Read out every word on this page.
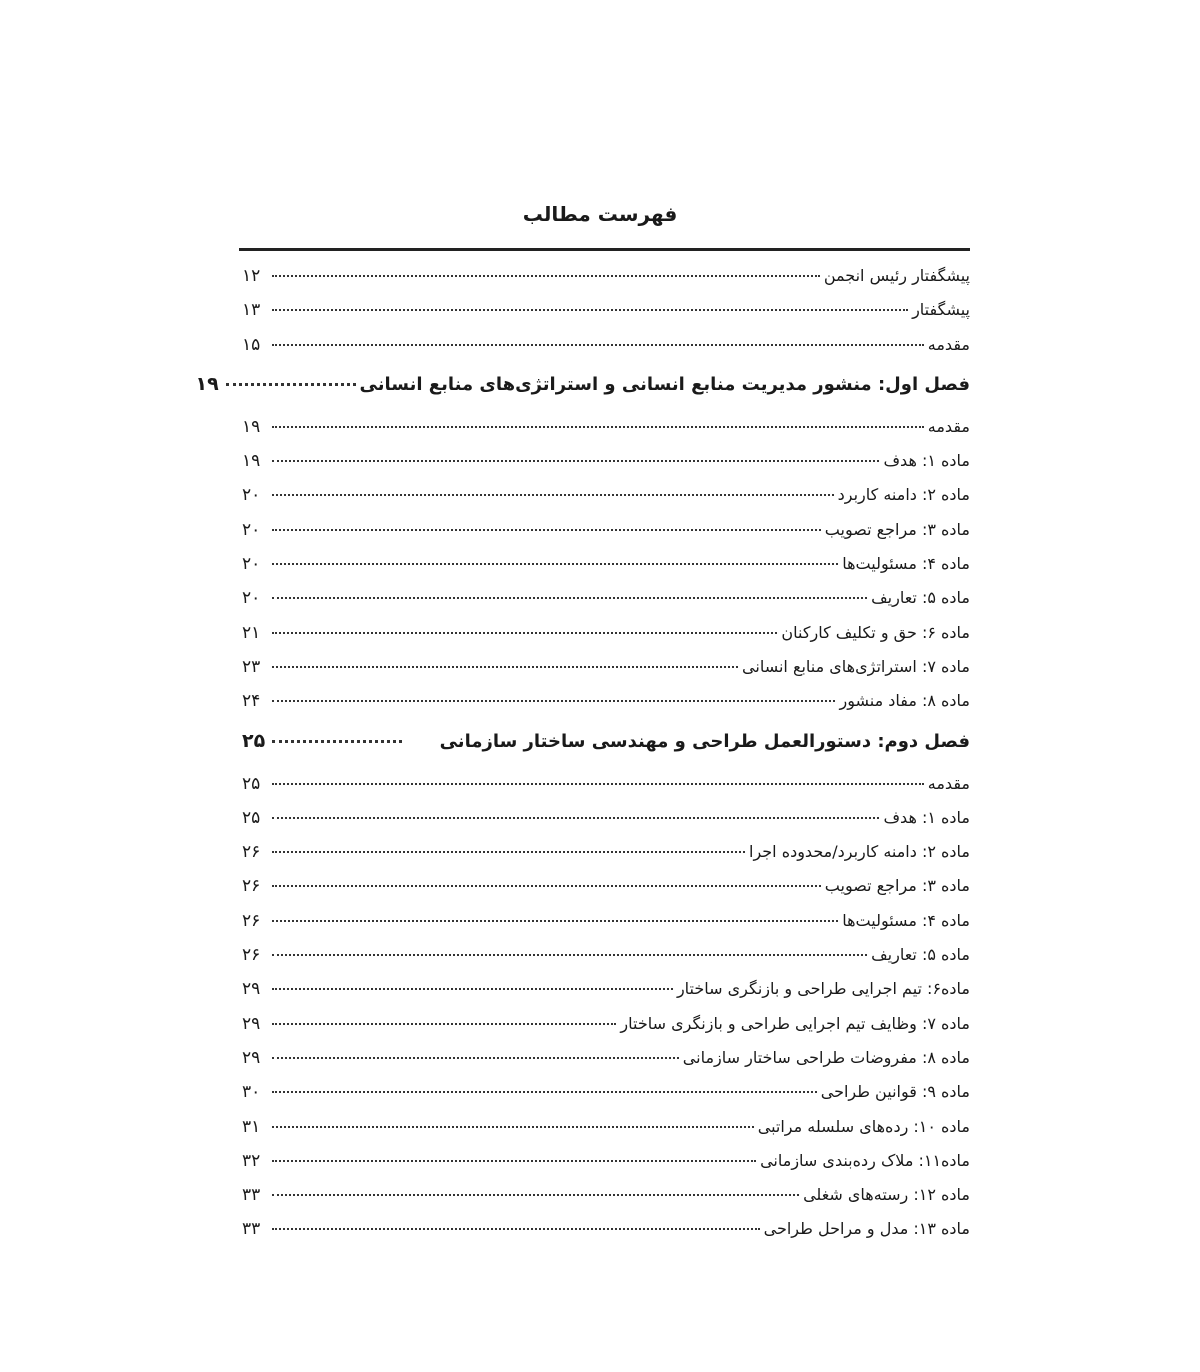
فهرست مطالب
پیشگفتار رئیس انجمن
۱۲
پیشگفتار
۱۳
مقدمه
۱۵
فصل اول: منشور مدیریت منابع انسانی و استراتژی‌های منابع انسانی
۱۹
مقدمه
۱۹
ماده ۱: هدف
۱۹
ماده ۲: دامنه کاربرد
۲۰
ماده ۳: مراجع تصویب
۲۰
ماده ۴: مسئولیت‌ها
۲۰
ماده ۵: تعاریف
۲۰
ماده ۶: حق و تکلیف کارکنان
۲۱
ماده ۷: استراتژی‌های منابع انسانی
۲۳
ماده ۸: مفاد منشور
۲۴
فصل دوم: دستورالعمل طراحی و مهندسی ساختار سازمانی
۲۵
مقدمه
۲۵
ماده ۱: هدف
۲۵
ماده ۲: دامنه کاربرد/محدوده اجرا
۲۶
ماده ۳: مراجع تصویب
۲۶
ماده ۴: مسئولیت‌ها
۲۶
ماده ۵: تعاریف
۲۶
ماده۶: تیم اجرایی طراحی و بازنگری ساختار
۲۹
ماده ۷: وظایف تیم اجرایی طراحی و بازنگری ساختار
۲۹
ماده ۸: مفروضات طراحی ساختار سازمانی
۲۹
ماده ۹: قوانین طراحی
۳۰
ماده ۱۰: رده‌های سلسله مراتبی
۳۱
ماده۱۱: ملاک رده‌بندی سازمانی
۳۲
ماده ۱۲: رسته‌های شغلی
۳۳
ماده ۱۳: مدل و مراحل طراحی
۳۳
